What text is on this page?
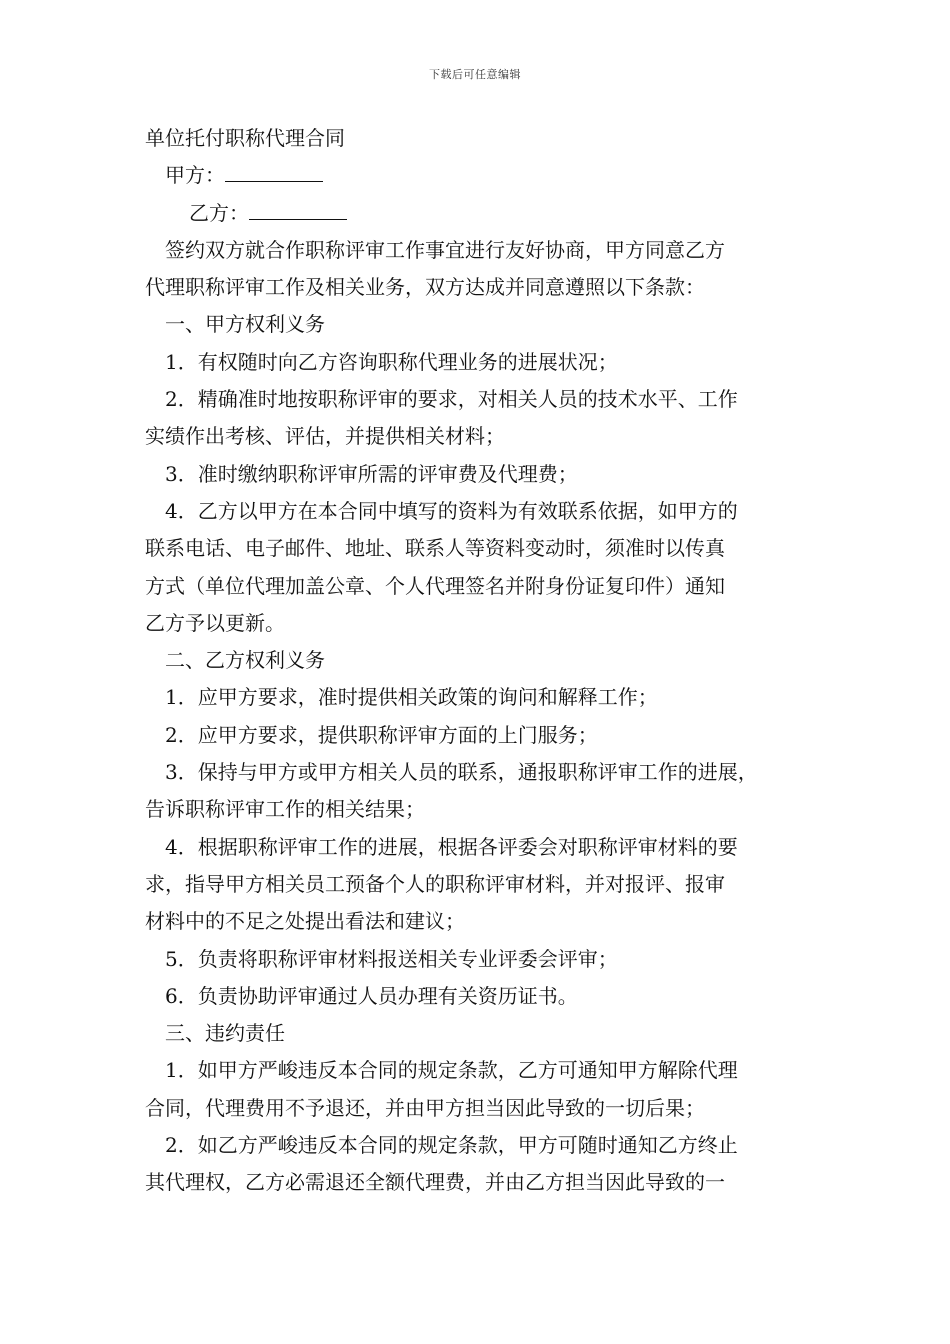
下载后可任意编辑
单位托付职称代理合同
甲方：
乙方：
签约双方就合作职称评审工作事宜进行友好协商，甲方同意乙方
代理职称评审工作及相关业务，双方达成并同意遵照以下条款：
一、甲方权利义务
1．有权随时向乙方咨询职称代理业务的进展状况；
2．精确准时地按职称评审的要求，对相关人员的技术水平、工作
实绩作出考核、评估，并提供相关材料；
3．准时缴纳职称评审所需的评审费及代理费；
4．乙方以甲方在本合同中填写的资料为有效联系依据，如甲方的
联系电话、电子邮件、地址、联系人等资料变动时，须准时以传真
方式（单位代理加盖公章、个人代理签名并附身份证复印件）通知
乙方予以更新。
二、乙方权利义务
1．应甲方要求，准时提供相关政策的询问和解释工作；
2．应甲方要求，提供职称评审方面的上门服务；
3．保持与甲方或甲方相关人员的联系，通报职称评审工作的进展，
告诉职称评审工作的相关结果；
4．根据职称评审工作的进展，根据各评委会对职称评审材料的要
求，指导甲方相关员工预备个人的职称评审材料，并对报评、报审
材料中的不足之处提出看法和建议；
5．负责将职称评审材料报送相关专业评委会评审；
6．负责协助评审通过人员办理有关资历证书。
三、违约责任
1．如甲方严峻违反本合同的规定条款，乙方可通知甲方解除代理
合同，代理费用不予退还，并由甲方担当因此导致的一切后果；
2．如乙方严峻违反本合同的规定条款，甲方可随时通知乙方终止
其代理权，乙方必需退还全额代理费，并由乙方担当因此导致的一
